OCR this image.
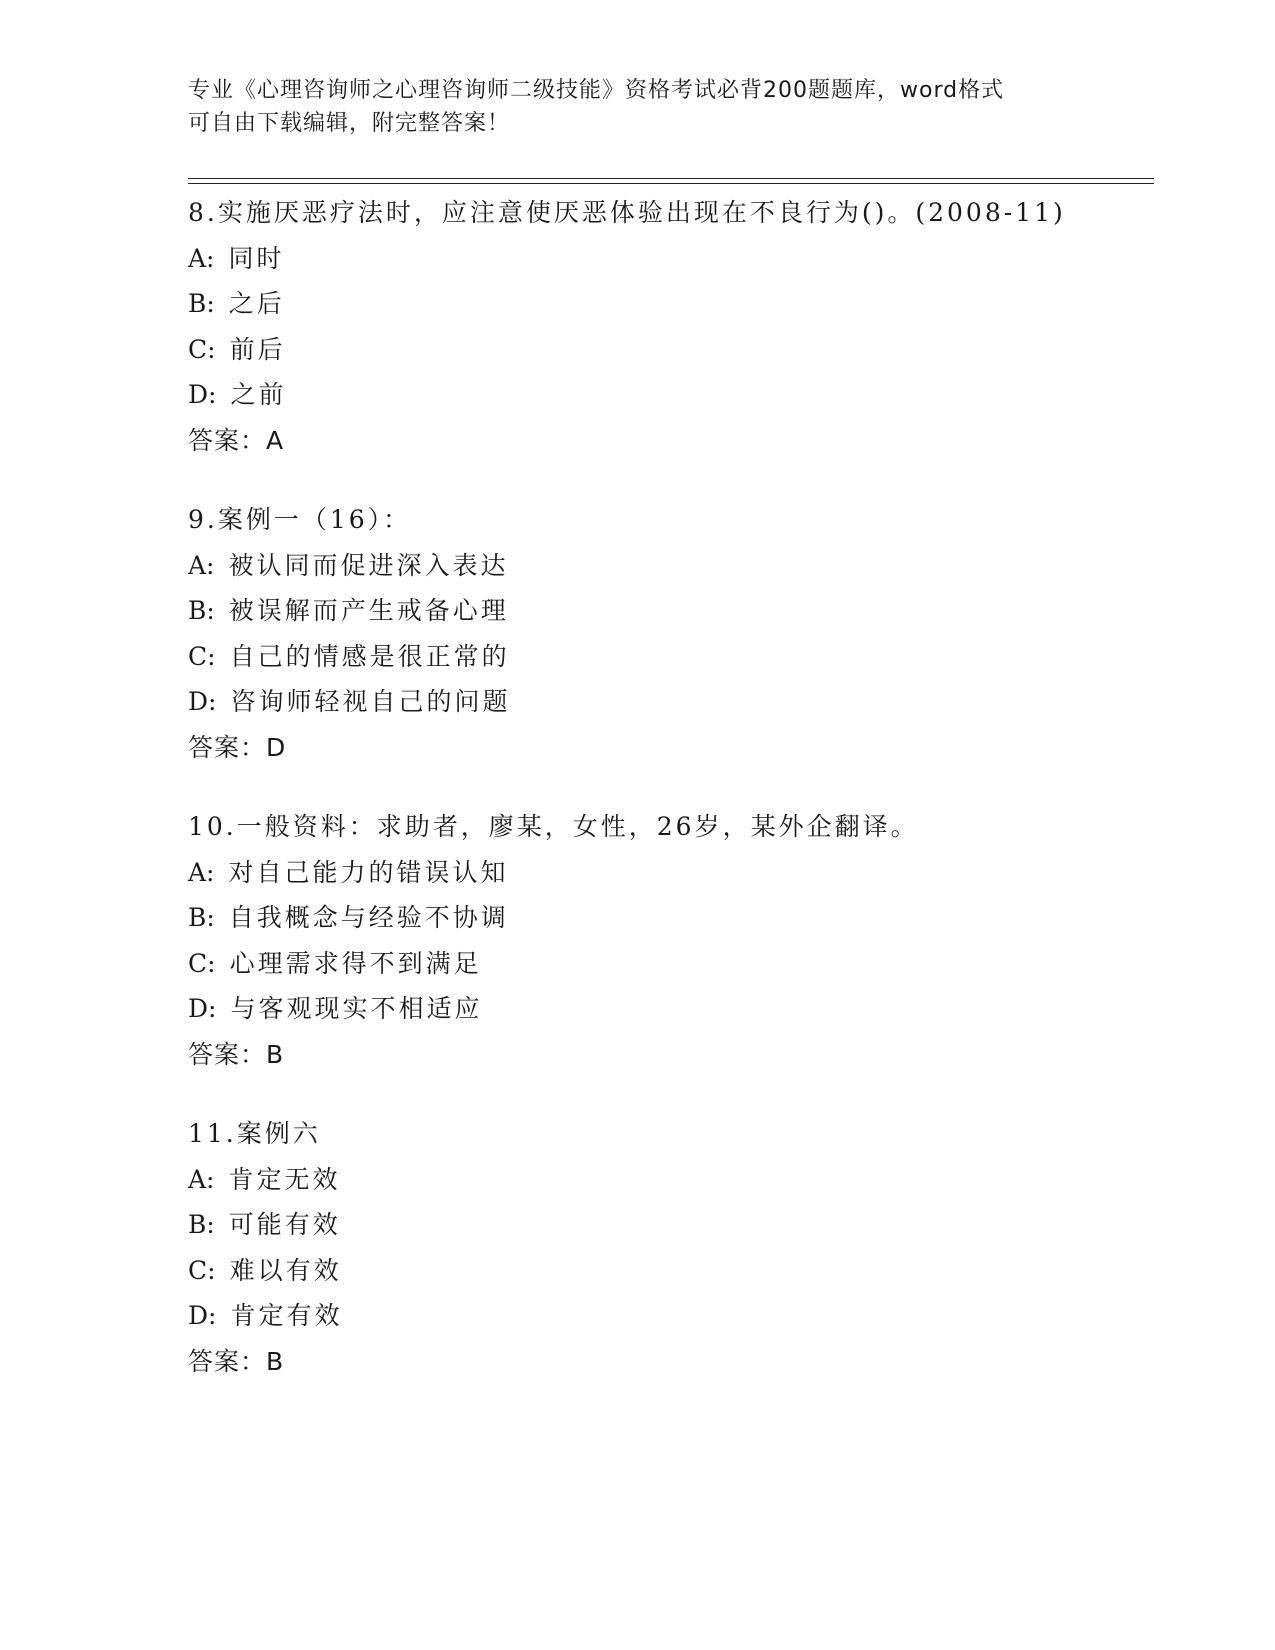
专业《心理咨询师之心理咨询师二级技能》资格考试必背200题题库，word格式
可自由下载编辑，附完整答案！
8.实施厌恶疗法时，应注意使厌恶体验出现在不良行为()。(2008-11)
A: 同时
B: 之后
C: 前后
D: 之前
答案：A
9.案例一（16）：
A: 被认同而促进深入表达
B: 被误解而产生戒备心理
C: 自己的情感是很正常的
D: 咨询师轻视自己的问题
答案：D
10.一般资料：求助者，廖某，女性，26岁，某外企翻译。
A: 对自己能力的错误认知
B: 自我概念与经验不协调
C: 心理需求得不到满足
D: 与客观现实不相适应
答案：B
11.案例六
A: 肯定无效
B: 可能有效
C: 难以有效
D: 肯定有效
答案：B
